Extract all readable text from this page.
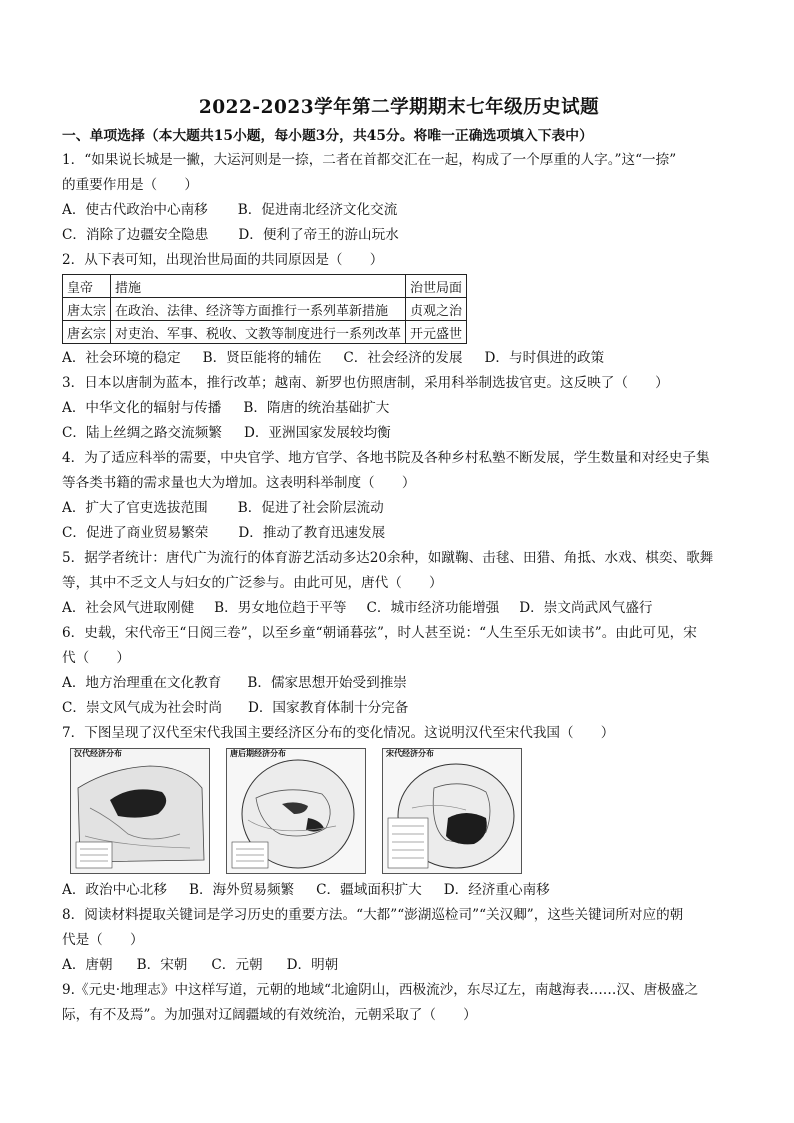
2022-2023学年第二学期期末七年级历史试题
一、单项选择（本大题共15小题，每小题3分，共45分。将唯一正确选项填入下表中）
1．“如果说长城是一撇，大运河则是一捺，二者在首都交汇在一起，构成了一个厚重的人字。”这“一捺”
的重要作用是（　　）
A．使古代政治中心南移 B．促进南北经济文化交流
C．消除了边疆安全隐患 D．便利了帝王的游山玩水
2．从下表可知，出现治世局面的共同原因是（　　）
皇帝	措施	治世局面
唐太宗	在政治、法律、经济等方面推行一系列革新措施	贞观之治
唐玄宗	对吏治、军事、税收、文教等制度进行一系列改革	开元盛世
A．社会环境的稳定 B．贤臣能将的辅佐 C．社会经济的发展 D．与时俱进的政策
3．日本以唐制为蓝本，推行改革；越南、新罗也仿照唐制，采用科举制选拔官吏。这反映了（　　）
A．中华文化的辐射与传播 B．隋唐的统治基础扩大
C．陆上丝绸之路交流频繁 D．亚洲国家发展较均衡
4．为了适应科举的需要，中央官学、地方官学、各地书院及各种乡村私塾不断发展，学生数量和对经史子集
等各类书籍的需求量也大为增加。这表明科举制度（　　）
A．扩大了官吏选拔范围 B．促进了社会阶层流动
C．促进了商业贸易繁荣 D．推动了教育迅速发展
5．据学者统计：唐代广为流行的体育游艺活动多达20余种，如蹴鞠、击毬、田猎、角抵、水戏、棋奕、歌舞
等，其中不乏文人与妇女的广泛参与。由此可见，唐代（　　）
A．社会风气进取刚健 B．男女地位趋于平等 C．城市经济功能增强 D．崇文尚武风气盛行
6．史载，宋代帝王“日阅三卷”，以至乡童“朝诵暮弦”，时人甚至说：“人生至乐无如读书”。由此可见，宋
代（　　）
A．地方治理重在文化教育 B．儒家思想开始受到推崇
C．崇文风气成为社会时尚 D．国家教育体制十分完备
7．下图呈现了汉代至宋代我国主要经济区分布的变化情况。这说明汉代至宋代我国（　　）
汉代经济分布	唐后期经济分布	宋代经济分布
A．政治中心北移 B．海外贸易频繁 C．疆域面积扩大 D．经济重心南移
8．阅读材料提取关键词是学习历史的重要方法。“大都”“澎湖巡检司”“关汉卿”，这些关键词所对应的朝
代是（　　）
A．唐朝 B．宋朝 C．元朝 D．明朝
9.《元史·地理志》中这样写道，元朝的地域“北逾阴山，西极流沙，东尽辽左，南越海表……汉、唐极盛之
际，有不及焉”。为加强对辽阔疆域的有效统治，元朝采取了（　　）
